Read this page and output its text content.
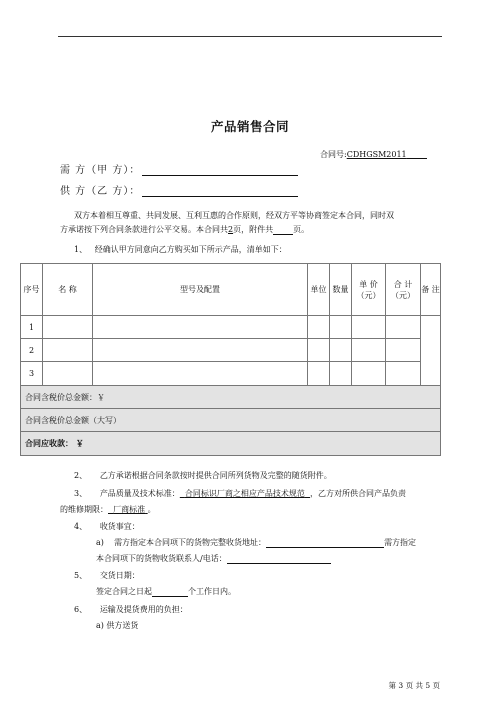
产品销售合同
合同号:CDHGSM2011
需 方（甲 方）：
供 方（乙 方）：
双方本着相互尊重、共同发展、互利互惠的合作原则，经双方平等协商签定本合同，同时双
方承诺按下列合同条款进行公平交易。本合同共2页，附件共	页。
1、 经确认甲方同意向乙方购买如下所示产品，清单如下：
序号	名 称	型号及配置	单位	数量	单 价（元）	合 计（元）	备 注
1							
2							
3							
合同含税价总金额：￥							
合同含税价总金额（大写）							
合同应收款： ￥							
2、 乙方承诺根据合同条款按时提供合同所列货物及完整的随货附件。
3、 产品质量及技术标准： 合同标识厂商之相应产品技术规范 ，乙方对所供合同产品负责
的维修期限： 厂商标准 。
4、 收货事宜：
a) 需方指定本合同项下的货物完整收货地址：	需方指定
本合同项下的货物收货联系人/电话：
5、 交货日期：
签定合同之日起	个工作日内。
6、 运输及提货费用的负担：
a) 供方送货
第 3 页 共 5 页
